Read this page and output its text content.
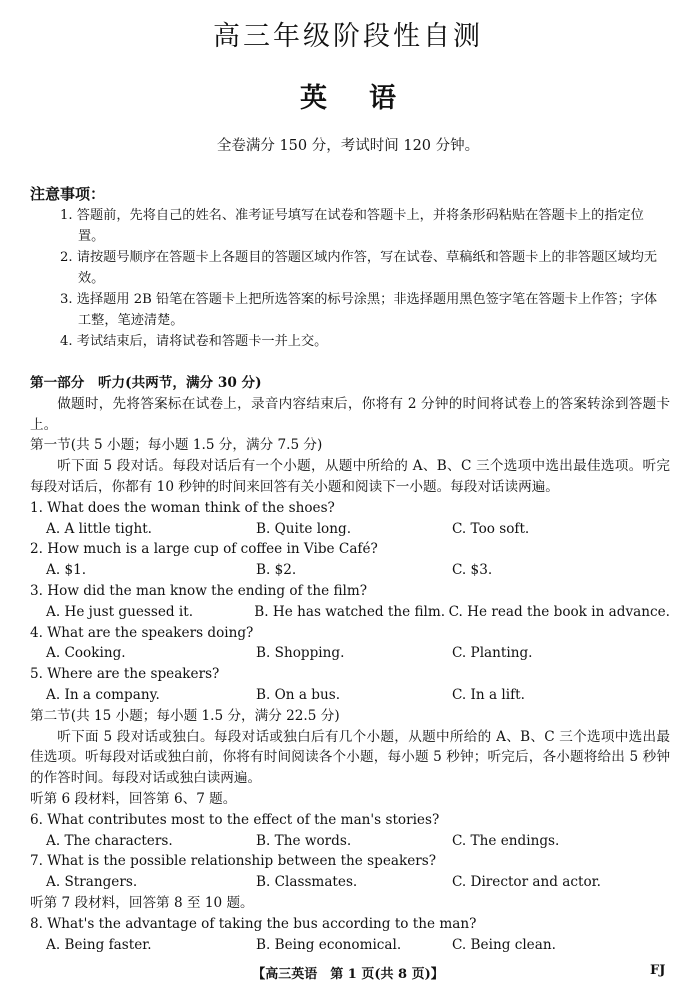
高三年级阶段性自测
英 语
全卷满分 150 分，考试时间 120 分钟。
注意事项：

1. 答题前，先将自己的姓名、准考证号填写在试卷和答题卡上，并将条形码粘贴在答题卡上的指定位置。

2. 请按题号顺序在答题卡上各题目的答题区域内作答，写在试卷、草稿纸和答题卡上的非答题区域均无效。

3. 选择题用 2B 铅笔在答题卡上把所选答案的标号涂黑；非选择题用黑色签字笔在答题卡上作答；字体工整，笔迹清楚。

4. 考试结束后，请将试卷和答题卡一并上交。

第一部分　听力(共两节，满分 30 分)
做题时，先将答案标在试卷上，录音内容结束后，你将有 2 分钟的时间将试卷上的答案转涂到答题卡上。
第一节(共 5 小题；每小题 1.5 分，满分 7.5 分)
听下面 5 段对话。每段对话后有一个小题，从题中所给的 A、B、C 三个选项中选出最佳选项。听完每段对话后，你都有 10 秒钟的时间来回答有关小题和阅读下一小题。每段对话读两遍。
1. What does the woman think of the shoes?
A. A little tight.	B. Quite long.	C. Too soft.
2. How much is a large cup of coffee in Vibe Café?
A. $1.	B. $2.	C. $3.
3. How did the man know the ending of the film?
A. He just guessed it.	B. He has watched the film. C. He read the book in advance.
4. What are the speakers doing?
A. Cooking.	B. Shopping.	C. Planting.
5. Where are the speakers?
A. In a company.	B. On a bus.	C. In a lift.
第二节(共 15 小题；每小题 1.5 分，满分 22.5 分)
听下面 5 段对话或独白。每段对话或独白后有几个小题，从题中所给的 A、B、C 三个选项中选出最佳选项。听每段对话或独白前，你将有时间阅读各个小题，每小题 5 秒钟；听完后，各小题将给出 5 秒钟的作答时间。每段对话或独白读两遍。
听第 6 段材料，回答第 6、7 题。
6. What contributes most to the effect of the man's stories?
A. The characters.	B. The words.	C. The endings.
7. What is the possible relationship between the speakers?
A. Strangers.	B. Classmates.	C. Director and actor.
听第 7 段材料，回答第 8 至 10 题。
8. What's the advantage of taking the bus according to the man?
A. Being faster.	B. Being economical.	C. Being clean.
【高三英语　第 1 页(共 8 页)】	FJ
